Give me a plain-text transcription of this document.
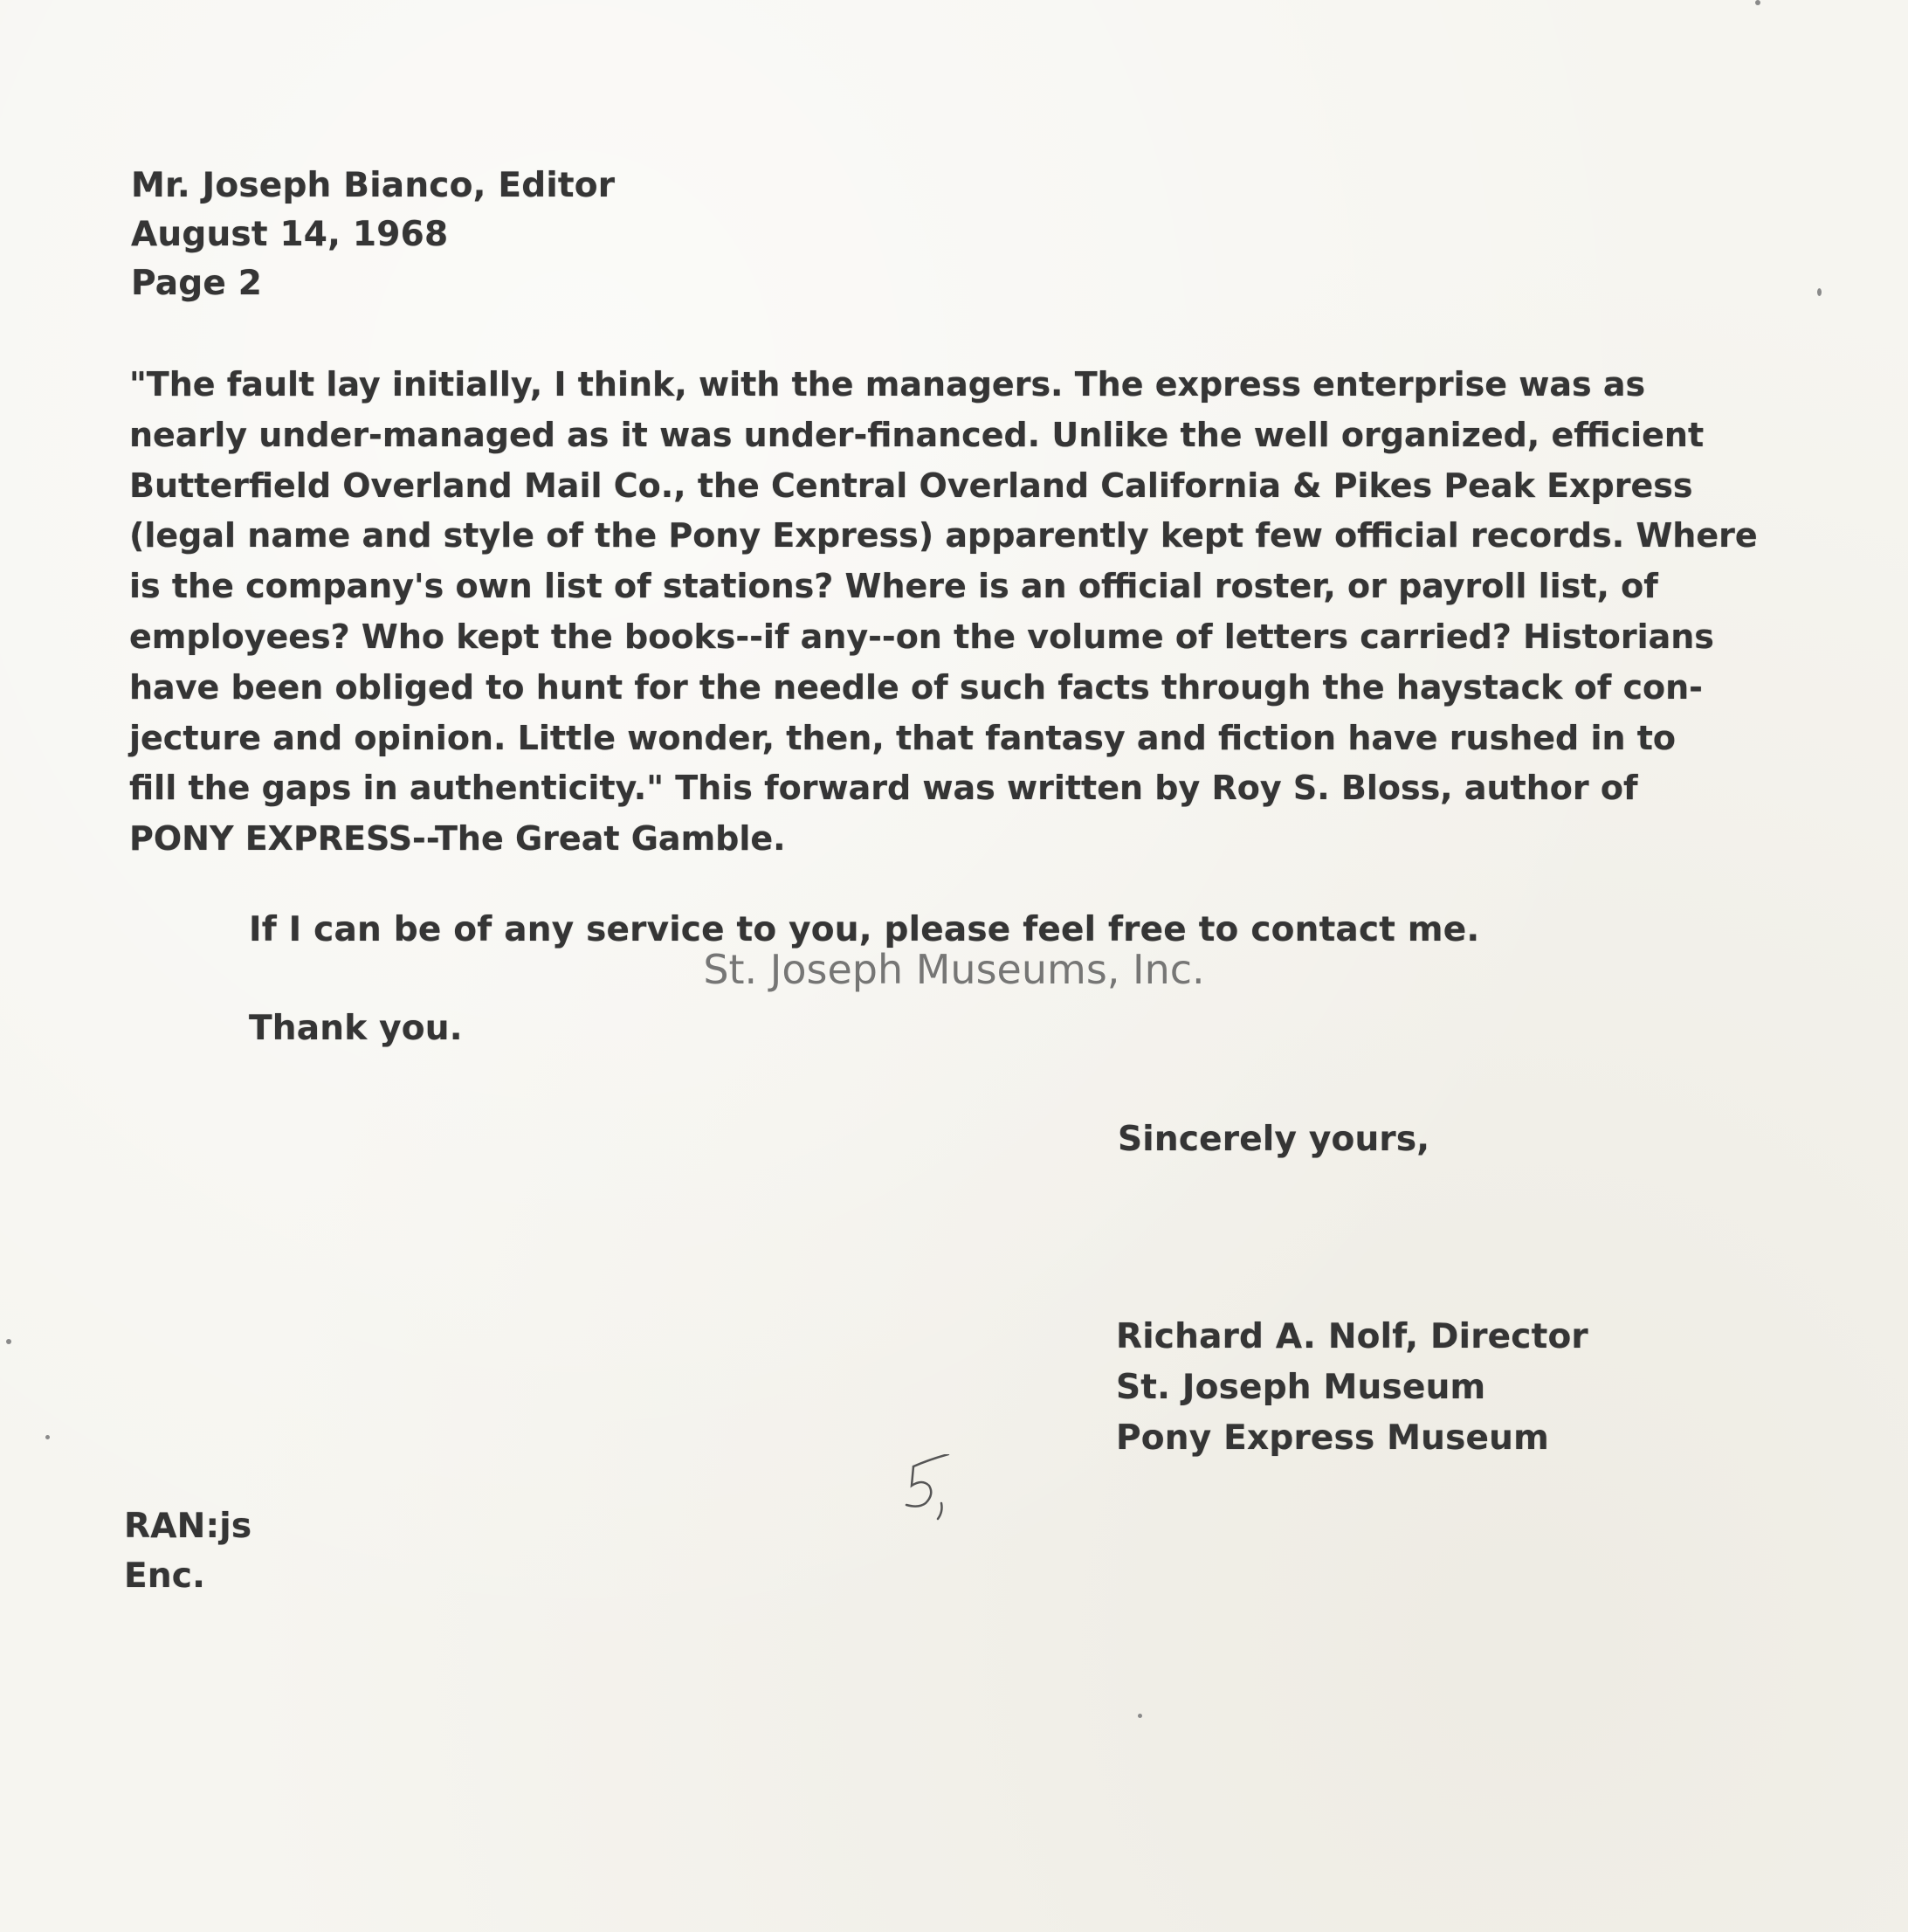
Mr. Joseph Bianco, Editor
August 14, 1968
Page 2
"The fault lay initially, I think, with the managers. The express enterprise was as
nearly under-managed as it was under-financed. Unlike the well organized, efficient
Butterfield Overland Mail Co., the Central Overland California & Pikes Peak Express
(legal name and style of the Pony Express) apparently kept few official records. Where
is the company's own list of stations? Where is an official roster, or payroll list, of
employees? Who kept the books--if any--on the volume of letters carried? Historians
have been obliged to hunt for the needle of such facts through the haystack of con-
jecture and opinion. Little wonder, then, that fantasy and fiction have rushed in to
fill the gaps in authenticity." This forward was written by Roy S. Bloss, author of
PONY EXPRESS--The Great Gamble.
If I can be of any service to you, please feel free to contact me.
Thank you.
Sincerely yours,
Richard A. Nolf, Director
St. Joseph Museum
Pony Express Museum
RAN:js
Enc.
St. Joseph Museums, Inc.
